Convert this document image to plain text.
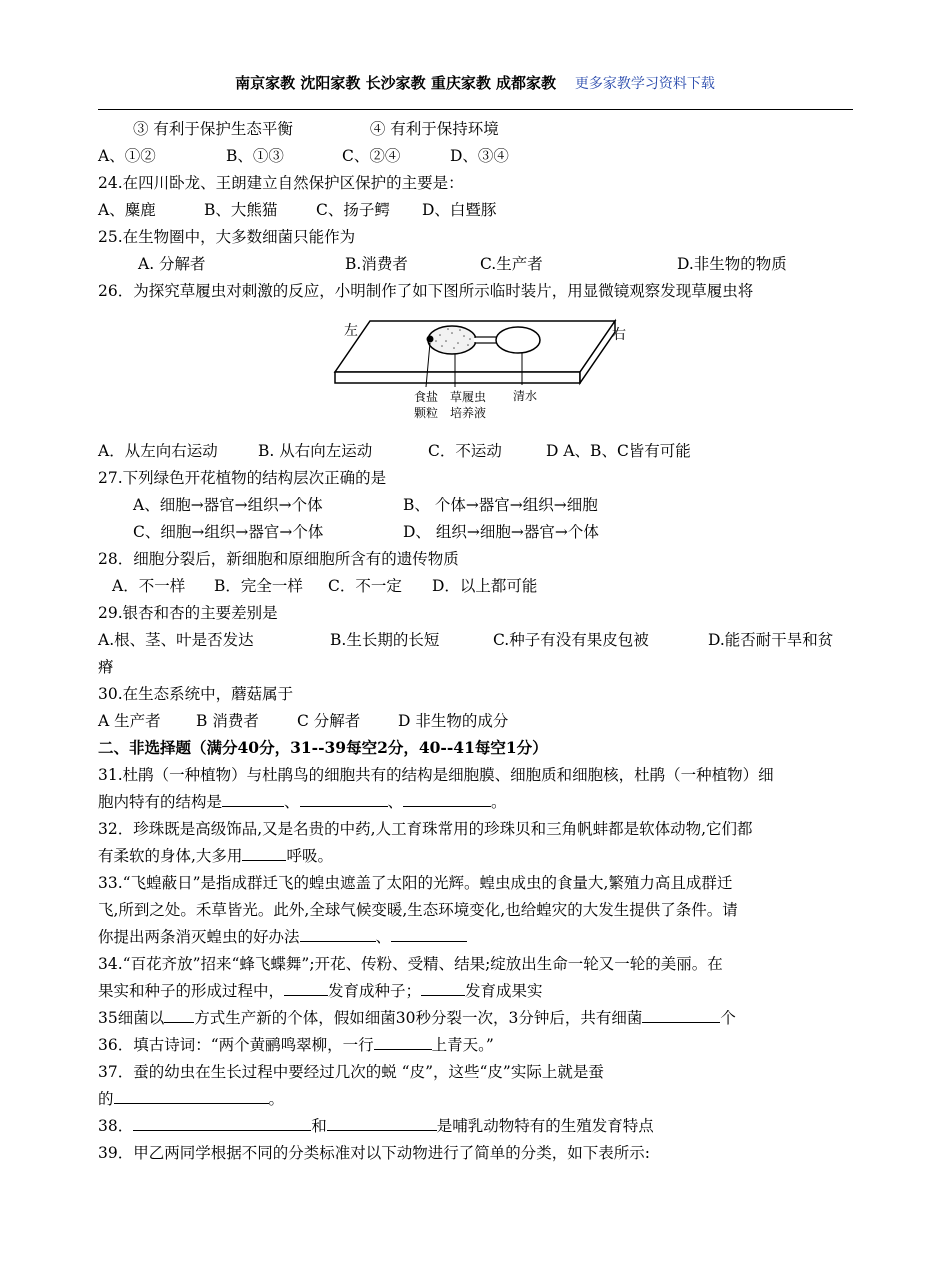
南京家教 沈阳家教 长沙家教 重庆家教 成都家教 更多家教学习资料下载
③ 有利于保护生态平衡	④ 有利于保持环境
A、①②	B、①③	C、②④	D、③④
24.在四川卧龙、王朗建立自然保护区保护的主要是：
A、麋鹿	B、大熊猫 C、扬子鳄 D、白暨豚
25.在生物圈中，大多数细菌只能作为
A. 分解者	B.消费者	C.生产者	D.非生物的物质
26．为探究草履虫对刺激的反应，小明制作了如下图所示临时装片，用显微镜观察发现草履虫将
左	右
食盐
颗粒
草履虫
培养液
清水
A．从左向右运动	B. 从右向左运动	C．不运动	D A、B、C皆有可能
27.下列绿色开花植物的结构层次正确的是
A、细胞→器官→组织→个体	B、 个体→器官→组织→细胞
C、细胞→组织→器官→个体	D、 组织→细胞→器官→个体
28．细胞分裂后，新细胞和原细胞所含有的遗传物质
A．不一样 B．完全一样 C．不一定 D．以上都可能
29.银杏和杏的主要差别是
A.根、茎、叶是否发达	B.生长期的长短	C.种子有没有果皮包被	D.能否耐干旱和贫
瘠
30.在生态系统中，蘑菇属于
A 生产者 B 消费者 C 分解者 D 非生物的成分
二、非选择题（满分40分，31--39每空2分，40--41每空1分）
31.杜鹃（一种植物）与杜鹃鸟的细胞共有的结构是细胞膜、细胞质和细胞核，杜鹃（一种植物）细
胞内特有的结构是	、	、	。
32．珍珠既是高级饰品,又是名贵的中药,人工育珠常用的珍珠贝和三角帆蚌都是软体动物,它们都
有柔软的身体,大多用	呼吸。
33.“飞蝗蔽日”是指成群迁飞的蝗虫遮盖了太阳的光辉。蝗虫成虫的食量大,繁殖力高且成群迁
飞,所到之处。禾草皆光。此外,全球气候变暖,生态环境变化,也给蝗灾的大发生提供了条件。请
你提出两条消灭蝗虫的好办法	、
34.“百花齐放”招来“蜂飞蝶舞”;开花、传粉、受精、结果;绽放出生命一轮又一轮的美丽。在
果实和种子的形成过程中，	发育成种子；	发育成果实
35细菌以 方式生产新的个体，假如细菌30秒分裂一次，3分钟后，共有细菌	个
36．填古诗词：“两个黄鹂鸣翠柳，一行	上青天。”
37．蚕的幼虫在生长过程中要经过几次的蜕 “皮”，这些“皮”实际上就是蚕
的	。
38．	和	是哺乳动物特有的生殖发育特点
39．甲乙两同学根据不同的分类标准对以下动物进行了简单的分类，如下表所示:
